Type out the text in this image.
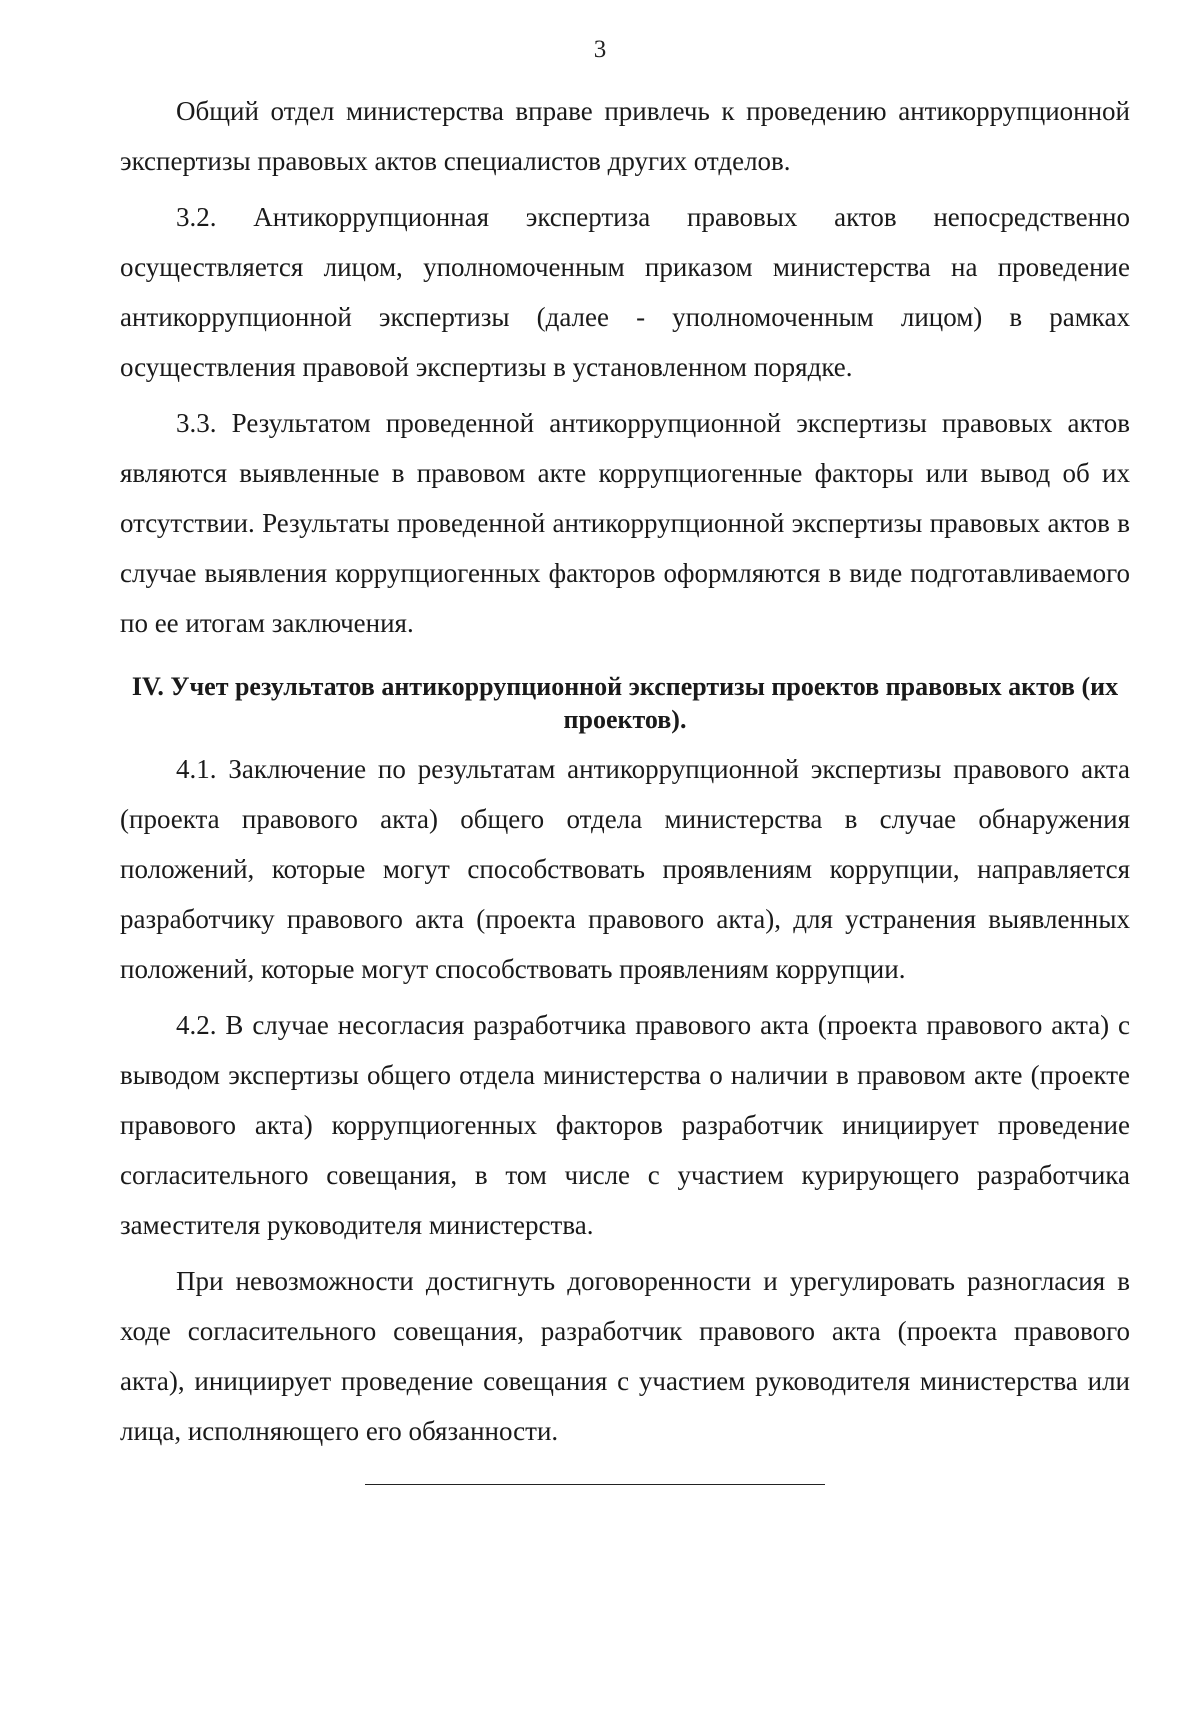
3

Общий отдел министерства вправе привлечь к проведению антикоррупционной экспертизы правовых актов специалистов других отделов.

3.2. Антикоррупционная экспертиза правовых актов непосредственно осуществляется лицом, уполномоченным приказом министерства на проведение антикоррупционной экспертизы (далее - уполномоченным лицом) в рамках осуществления правовой экспертизы в установленном порядке.

3.3. Результатом проведенной антикоррупционной экспертизы правовых актов являются выявленные в правовом акте коррупциогенные факторы или вывод об их отсутствии. Результаты проведенной антикоррупционной экспертизы правовых актов в случае выявления коррупциогенных факторов оформляются в виде подготавливаемого по ее итогам заключения.

IV. Учет результатов антикоррупционной экспертизы проектов правовых актов (их проектов).

4.1. Заключение по результатам антикоррупционной экспертизы правового акта (проекта правового акта) общего отдела министерства в случае обнаружения положений, которые могут способствовать проявлениям коррупции, направляется разработчику правового акта (проекта правового акта), для устранения выявленных положений, которые могут способствовать проявлениям коррупции.

4.2. В случае несогласия разработчика правового акта (проекта правового акта) с выводом экспертизы общего отдела министерства о наличии в правовом акте (проекте правового акта) коррупциогенных факторов разработчик инициирует проведение согласительного совещания, в том числе с участием курирующего разработчика заместителя руководителя министерства.

При невозможности достигнуть договоренности и урегулировать разногласия в ходе согласительного совещания, разработчик правового акта (проекта правового акта), инициирует проведение совещания с участием руководителя министерства или лица, исполняющего его обязанности.
